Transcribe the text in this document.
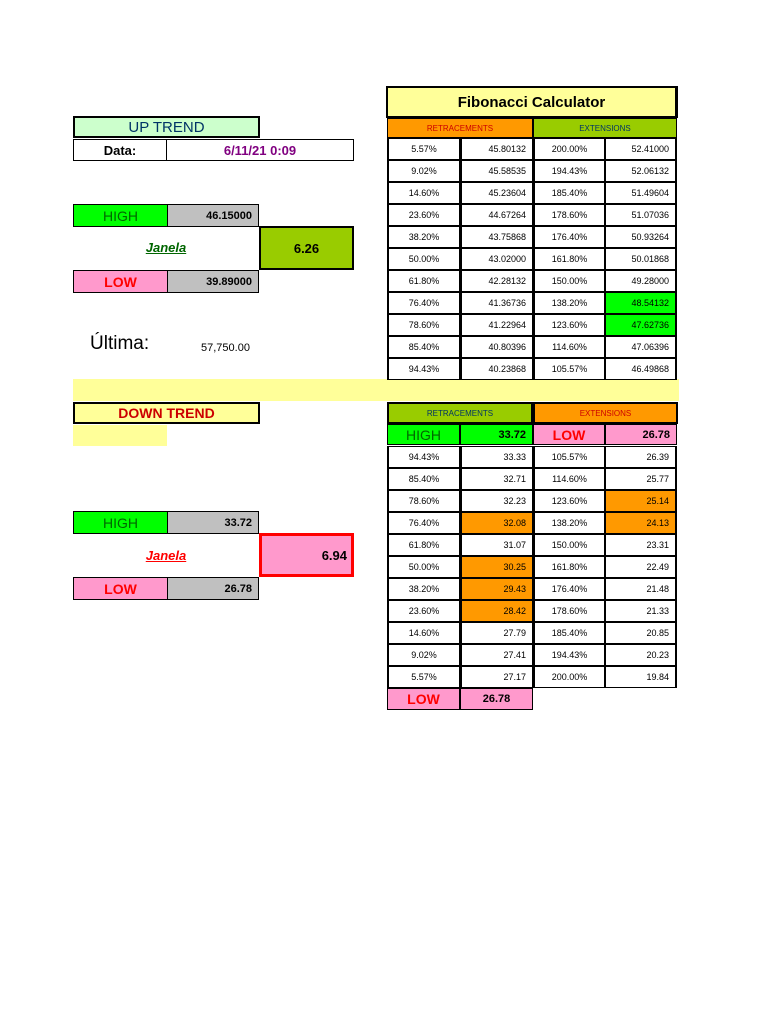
UP TREND
Data:	6/11/21 0:09
HIGH	46.15000
Janela	6.26
LOW	39.89000
Última:	57,750.00
Fibonacci Calculator
RETRACEMENTS	EXTENSIONS
5.57%	45.80132	200.00%	52.41000
9.02%	45.58535	194.43%	52.06132
14.60%	45.23604	185.40%	51.49604
23.60%	44.67264	178.60%	51.07036
38.20%	43.75868	176.40%	50.93264
50.00%	43.02000	161.80%	50.01868
61.80%	42.28132	150.00%	49.28000
76.40%	41.36736	138.20%	48.54132
78.60%	41.22964	123.60%	47.62736
85.40%	40.80396	114.60%	47.06396
94.43%	40.23868	105.57%	46.49868
DOWN TREND
HIGH	33.72
Janela	6.94
LOW	26.78
RETRACEMENTS	EXTENSIONS
HIGH	33.72	LOW	26.78
94.43%	33.33	105.57%	26.39
85.40%	32.71	114.60%	25.77
78.60%	32.23	123.60%	25.14
76.40%	32.08	138.20%	24.13
61.80%	31.07	150.00%	23.31
50.00%	30.25	161.80%	22.49
38.20%	29.43	176.40%	21.48
23.60%	28.42	178.60%	21.33
14.60%	27.79	185.40%	20.85
9.02%	27.41	194.43%	20.23
5.57%	27.17	200.00%	19.84
LOW	26.78
